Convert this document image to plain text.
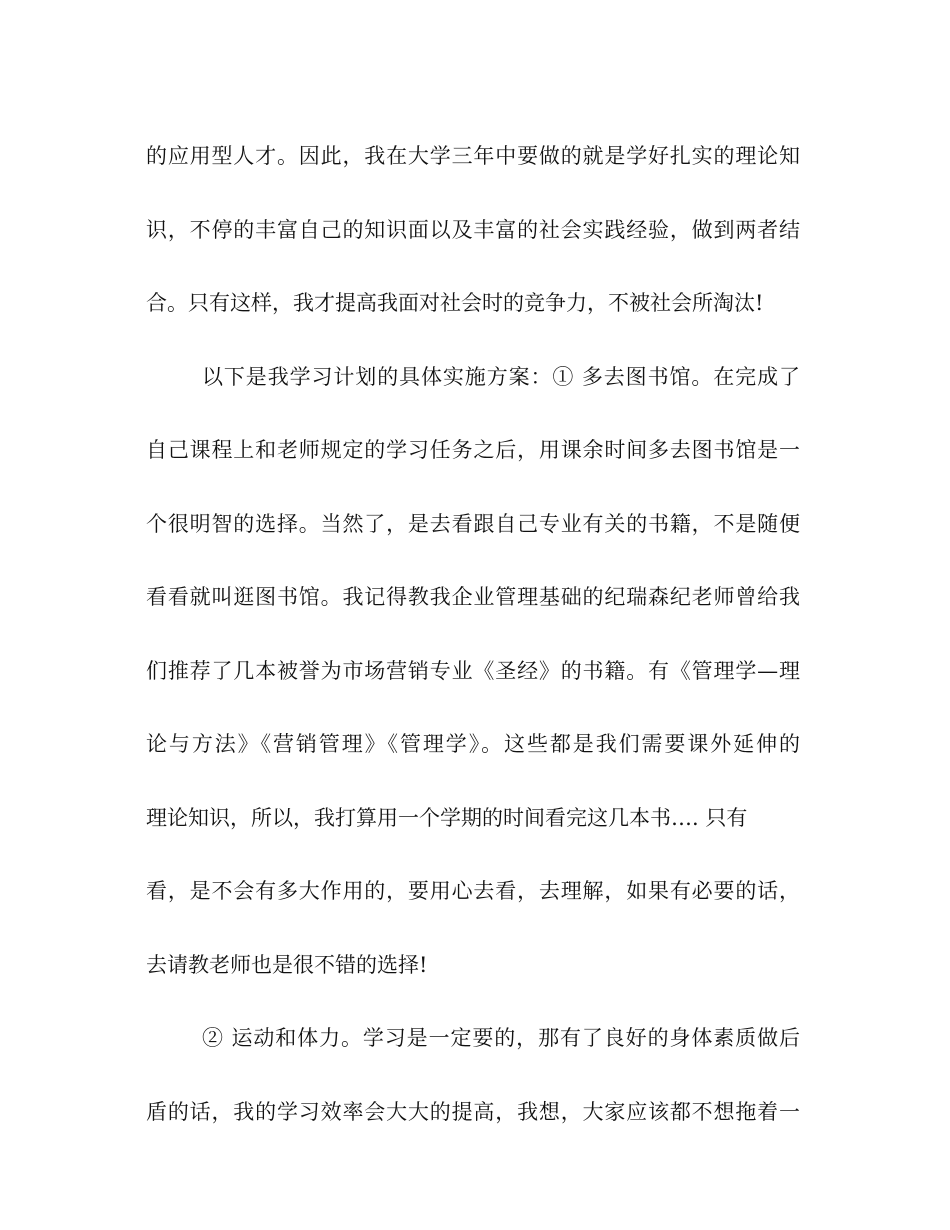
的应用型人才。因此，我在大学三年中要做的就是学好扎实的理论知
识，不停的丰富自己的知识面以及丰富的社会实践经验，做到两者结
合。只有这样，我才提高我面对社会时的竞争力，不被社会所淘汰!
以下是我学习计划的具体实施方案：① 多去图书馆。在完成了
自己课程上和老师规定的学习任务之后，用课余时间多去图书馆是一
个很明智的选择。当然了，是去看跟自己专业有关的书籍，不是随便
看看就叫逛图书馆。我记得教我企业管理基础的纪瑞森纪老师曾给我
们推荐了几本被誉为市场营销专业《圣经》的书籍。有《管理学—理
论与方法》《营销管理》《管理学》。这些都是我们需要课外延伸的
理论知识，所以，我打算用一个学期的时间看完这几本书…. 只有
看，是不会有多大作用的，要用心去看，去理解，如果有必要的话，
去请教老师也是很不错的选择!
② 运动和体力。学习是一定要的，那有了良好的身体素质做后
盾的话，我的学习效率会大大的提高，我想，大家应该都不想拖着一
